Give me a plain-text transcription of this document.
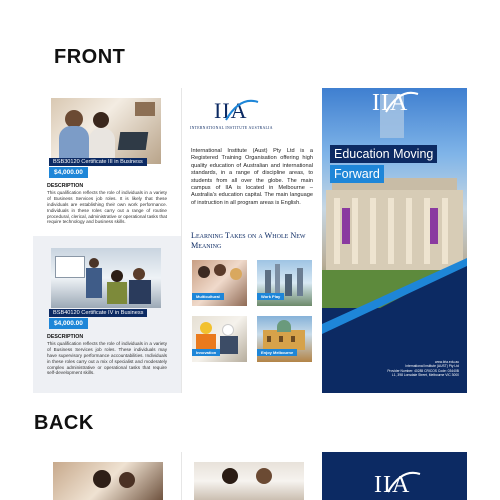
FRONT
BSB30120 Certificate III in Business
$4,000.00
DESCRIPTION
This qualification reflects the role of individuals in a variety of Business Services job roles. It is likely that these individuals are establishing their own work performance. Individuals in these roles carry out a range of routine procedural, clerical, administrative or operational tasks that require technology and business skills.
BSB40120 Certificate IV in Business
$4,000.00
DESCRIPTION
This qualification reflects the role of individuals in a variety of Business Services job roles. These individuals may have supervisory performance accountabilities. Individuals in these roles carry out a mix of specialist and moderately complex administrative or operational tasks that require self-development skills.
IIA
INTERNATIONAL INSTITUTE AUSTRALIA
International Institute (Aust) Pty Ltd is a Registered Training Organisation offering high quality education of Australian and international standards, in a range of discipline areas, to students from all over the globe. The main campus of IIA is located in Melbourne – Australia's education capital. The main language of instruction in all program areas is English.
Learning Takes on a Whole New Meaning
Multicultural	Work Play
Innovation	Enjoy Melbourne
IIA
Education Moving
Forward
www.iiria.edu.au
International Institute (AUST) Pty Ltd
Provider Number: 40285 CRICOS Code: 03440B
L1, 398 Lonsdale Street, Melbourne VIC 3000
BACK
IIA
